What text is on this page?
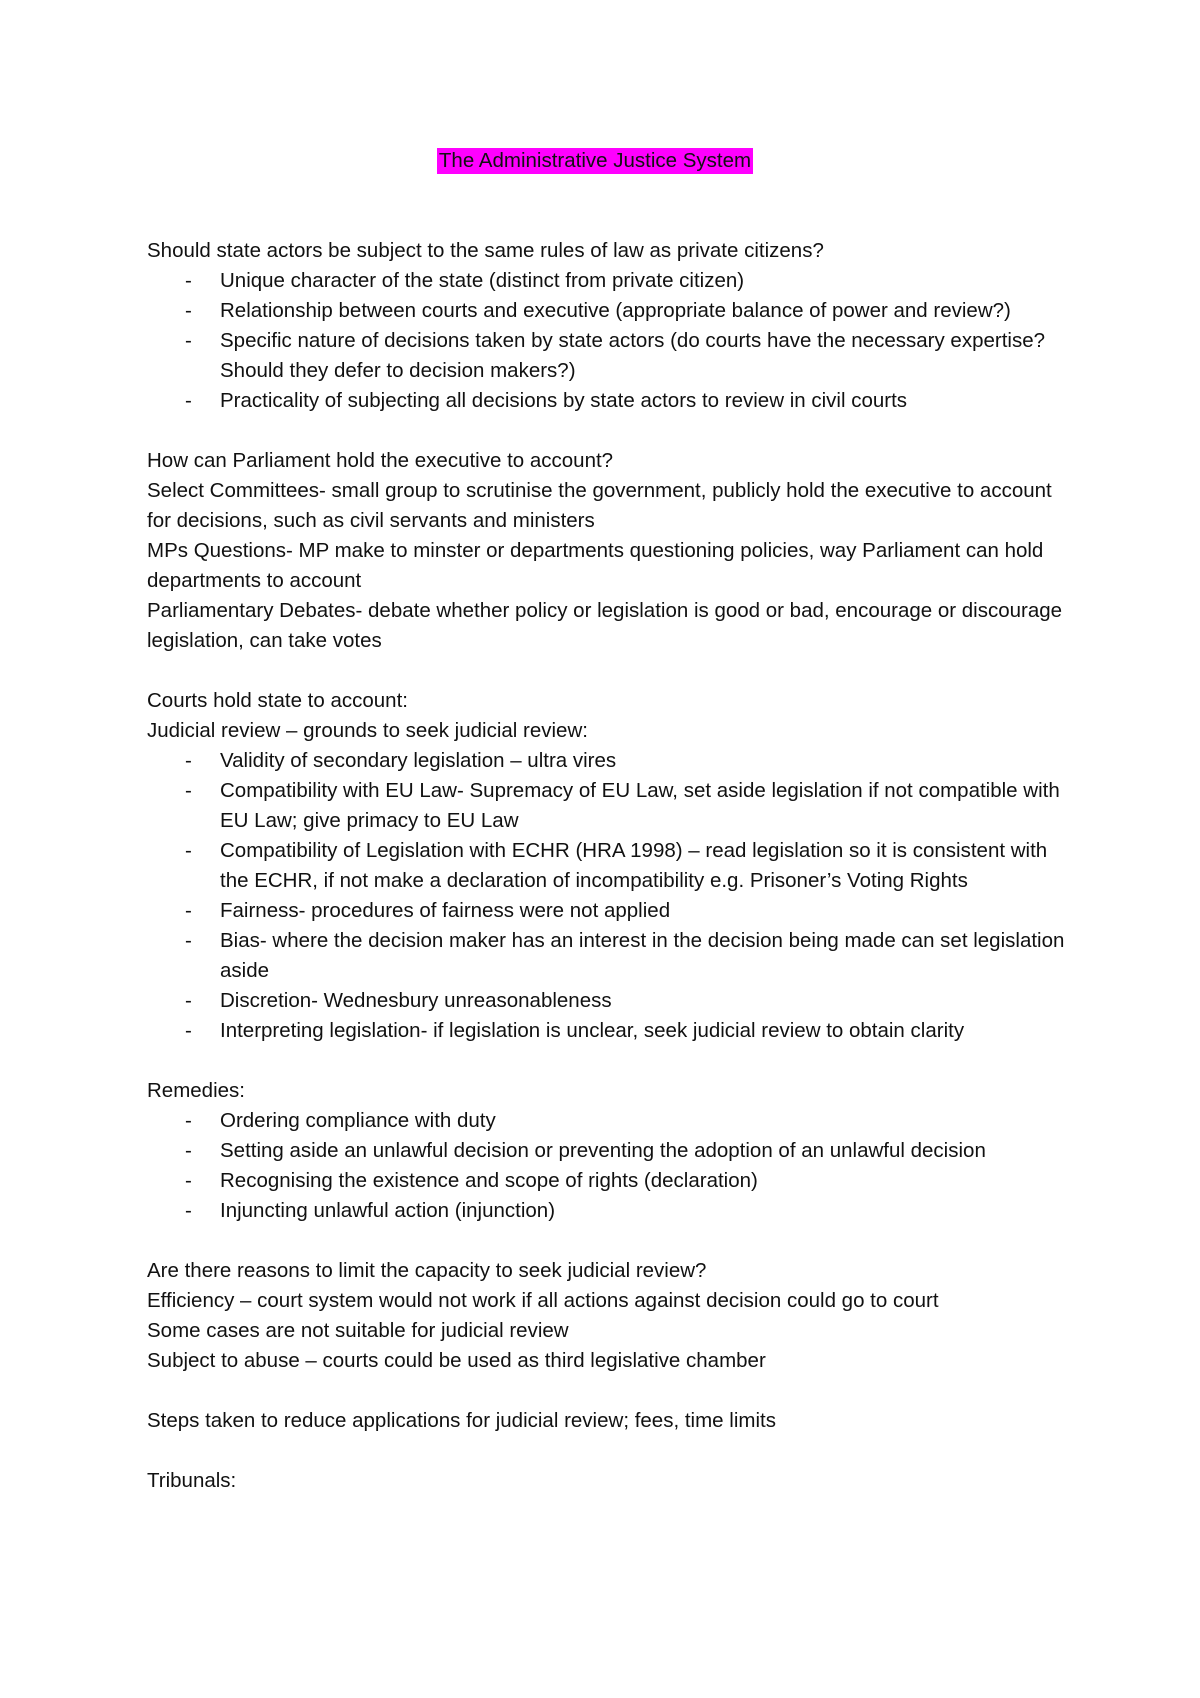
The Administrative Justice System

Should state actors be subject to the same rules of law as private citizens?

- Unique character of the state (distinct from private citizen)
- Relationship between courts and executive (appropriate balance of power and review?)
- Specific nature of decisions taken by state actors (do courts have the necessary expertise? Should they defer to decision makers?)
- Practicality of subjecting all decisions by state actors to review in civil courts

How can Parliament hold the executive to account?

Select Committees- small group to scrutinise the government, publicly hold the executive to account for decisions, such as civil servants and ministers

MPs Questions- MP make to minster or departments questioning policies, way Parliament can hold departments to account

Parliamentary Debates- debate whether policy or legislation is good or bad, encourage or discourage legislation, can take votes

Courts hold state to account:

Judicial review – grounds to seek judicial review:

- Validity of secondary legislation – ultra vires
- Compatibility with EU Law- Supremacy of EU Law, set aside legislation if not compatible with EU Law; give primacy to EU Law
- Compatibility of Legislation with ECHR (HRA 1998) – read legislation so it is consistent with the ECHR, if not make a declaration of incompatibility e.g. Prisoner’s Voting Rights
- Fairness- procedures of fairness were not applied
- Bias- where the decision maker has an interest in the decision being made can set legislation aside
- Discretion- Wednesbury unreasonableness
- Interpreting legislation- if legislation is unclear, seek judicial review to obtain clarity

Remedies:

- Ordering compliance with duty
- Setting aside an unlawful decision or preventing the adoption of an unlawful decision
- Recognising the existence and scope of rights (declaration)
- Injuncting unlawful action (injunction)

Are there reasons to limit the capacity to seek judicial review?

Efficiency – court system would not work if all actions against decision could go to court

Some cases are not suitable for judicial review

Subject to abuse – courts could be used as third legislative chamber

Steps taken to reduce applications for judicial review; fees, time limits

Tribunals:
